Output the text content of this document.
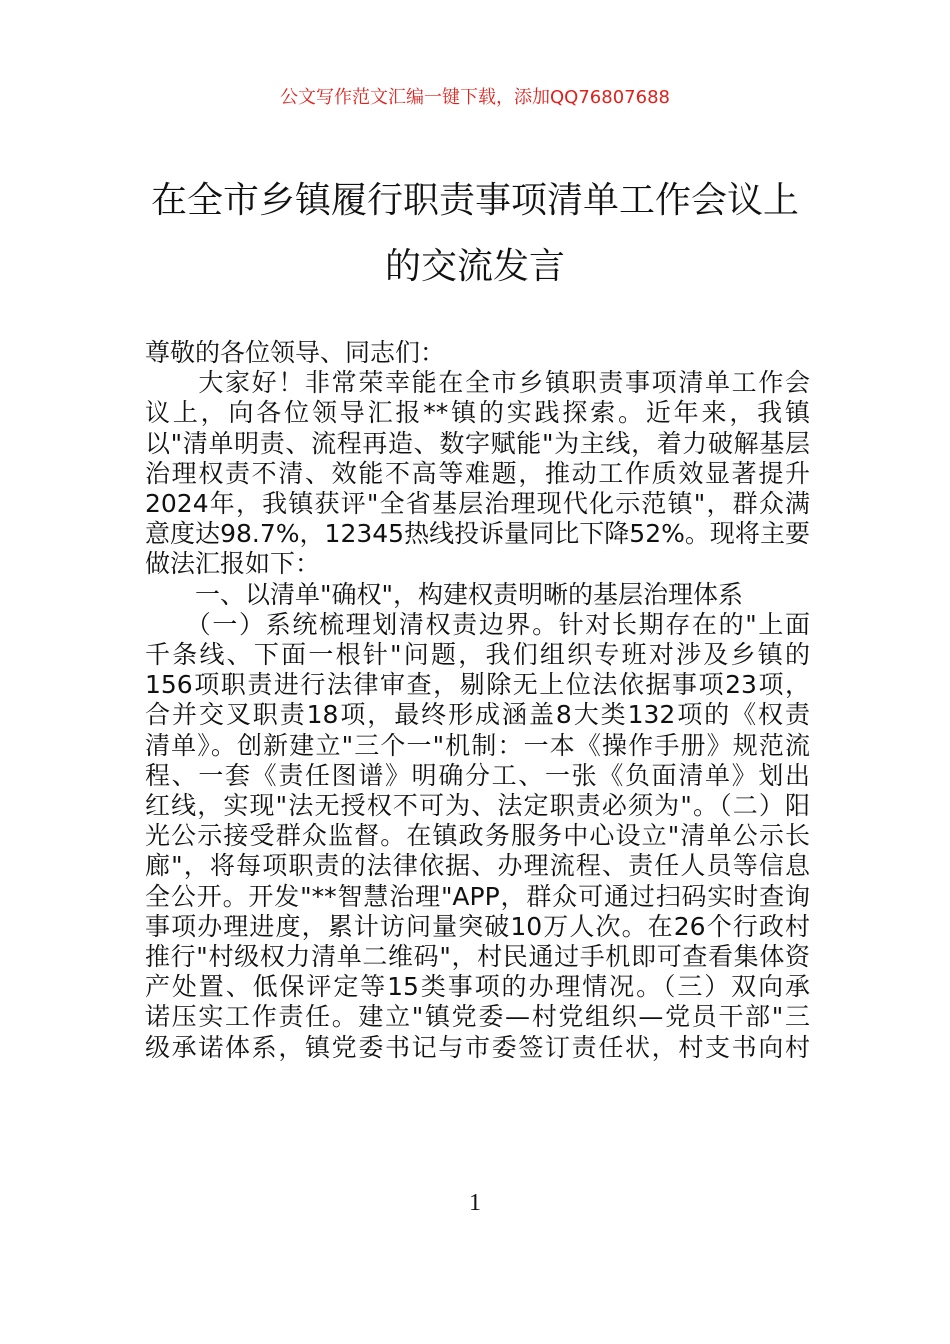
公文写作范文汇编一键下载，添加QQ76807688
在全市乡镇履行职责事项清单工作会议上
的交流发言
尊敬的各位领导、同志们：
　　大家好！非常荣幸能在全市乡镇职责事项清单工作会
议上，向各位领导汇报**镇的实践探索。近年来，我镇
以"清单明责、流程再造、数字赋能"为主线，着力破解基层
治理权责不清、效能不高等难题，推动工作质效显著提升
2024年，我镇获评"全省基层治理现代化示范镇"，群众满
意度达98.7%，12345热线投诉量同比下降52%。现将主要
做法汇报如下：
　　一、以清单"确权"，构建权责明晰的基层治理体系
　　（一）系统梳理划清权责边界。针对长期存在的"上面
千条线、下面一根针"问题，我们组织专班对涉及乡镇的
156项职责进行法律审查，剔除无上位法依据事项23项，
合并交叉职责18项，最终形成涵盖8大类132项的《权责
清单》。创新建立"三个一"机制：一本《操作手册》规范流
程、一套《责任图谱》明确分工、一张《负面清单》划出
红线，实现"法无授权不可为、法定职责必须为"。（二）阳
光公示接受群众监督。在镇政务服务中心设立"清单公示长
廊"，将每项职责的法律依据、办理流程、责任人员等信息
全公开。开发"**智慧治理"APP，群众可通过扫码实时查询
事项办理进度，累计访问量突破10万人次。在26个行政村
推行"村级权力清单二维码"，村民通过手机即可查看集体资
产处置、低保评定等15类事项的办理情况。（三）双向承
诺压实工作责任。建立"镇党委—村党组织—党员干部"三
级承诺体系，镇党委书记与市委签订责任状，村支书向村
1
